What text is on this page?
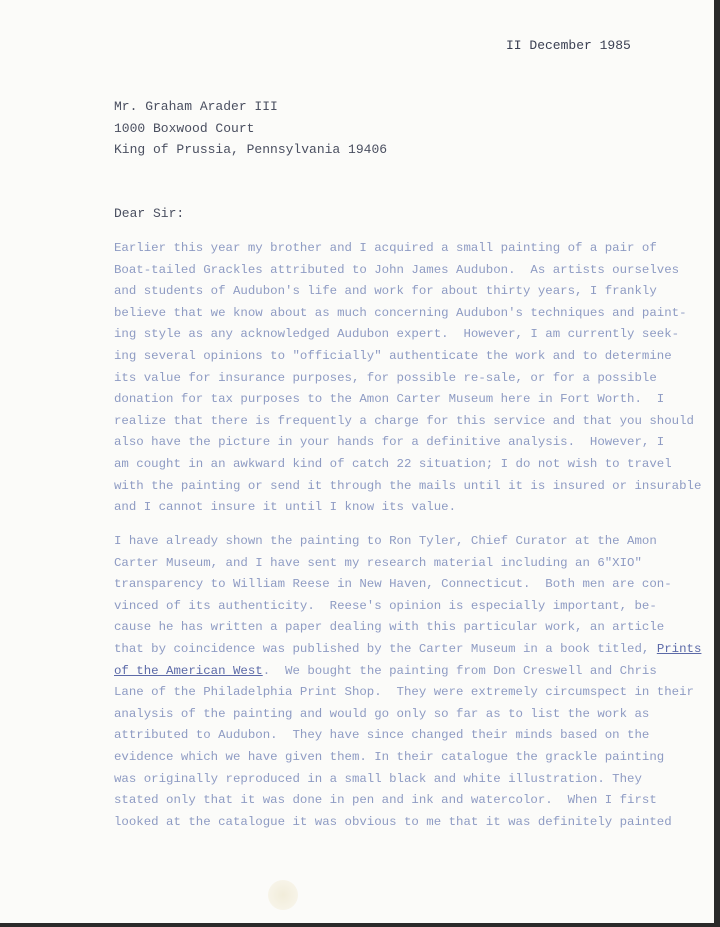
II December 1985
Mr. Graham Arader III
1000 Boxwood Court
King of Prussia, Pennsylvania 19406
Dear Sir:
Earlier this year my brother and I acquired a small painting of a pair of
Boat-tailed Grackles attributed to John James Audubon.  As artists ourselves
and students of Audubon's life and work for about thirty years, I frankly
believe that we know about as much concerning Audubon's techniques and paint-
ing style as any acknowledged Audubon expert.  However, I am currently seek-
ing several opinions to "officially" authenticate the work and to determine
its value for insurance purposes, for possible re-sale, or for a possible
donation for tax purposes to the Amon Carter Museum here in Fort Worth.  I
realize that there is frequently a charge for this service and that you should
also have the picture in your hands for a definitive analysis.  However, I
am cought in an awkward kind of catch 22 situation; I do not wish to travel
with the painting or send it through the mails until it is insured or insurable
and I cannot insure it until I know its value.
I have already shown the painting to Ron Tyler, Chief Curator at the Amon
Carter Museum, and I have sent my research material including an 6"XIO"
transparency to William Reese in New Haven, Connecticut.  Both men are con-
vinced of its authenticity.  Reese's opinion is especially important, be-
cause he has written a paper dealing with this particular work, an article
that by coincidence was published by the Carter Museum in a book titled, Prints
of the American West.  We bought the painting from Don Creswell and Chris
Lane of the Philadelphia Print Shop.  They were extremely circumspect in their
analysis of the painting and would go only so far as to list the work as
attributed to Audubon.  They have since changed their minds based on the
evidence which we have given them. In their catalogue the grackle painting
was originally reproduced in a small black and white illustration. They
stated only that it was done in pen and ink and watercolor.  When I first
looked at the catalogue it was obvious to me that it was definitely painted
